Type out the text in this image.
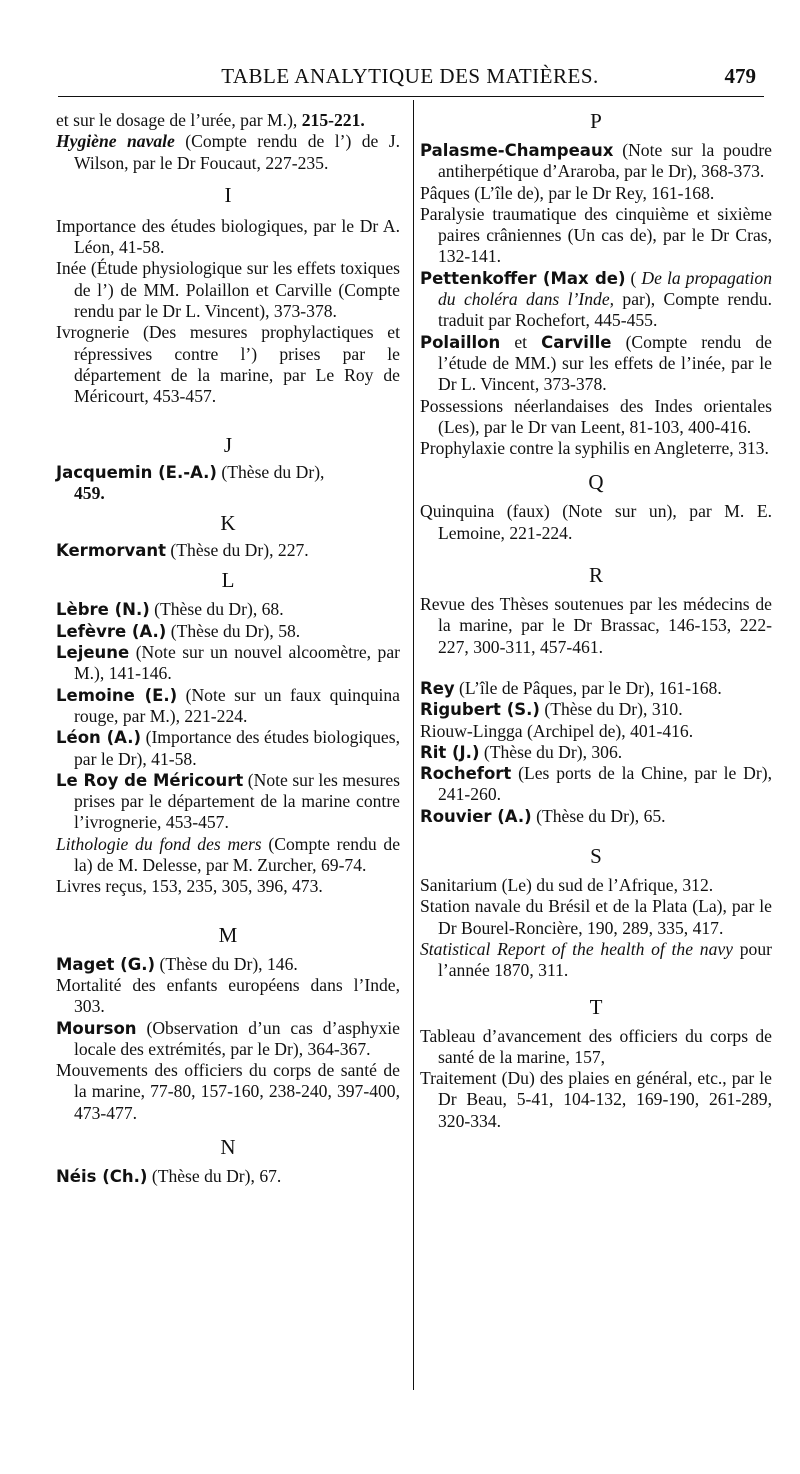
TABLE ANALYTIQUE DES MATIÈRES.	479
et sur le dosage de l’urée, par M.), 215-221.
Hygiène navale (Compte rendu de l’) de J. Wilson, par le Dr Foucaut, 227-235.
I
Importance des études biologiques, par le Dr A. Léon, 41-58.
Inée (Étude physiologique sur les effets toxiques de l’) de MM. Polaillon et Carville (Compte rendu par le Dr L. Vincent), 373-378.
Ivrognerie (Des mesures prophylactiques et répressives contre l’) prises par le département de la marine, par Le Roy de Méricourt, 453-457.
J
Jacquemin (E.-A.) (Thèse du Dr),
459.
K
Kermorvant (Thèse du Dr), 227.
L
Lèbre (N.) (Thèse du Dr), 68.
Lefèvre (A.) (Thèse du Dr), 58.
Lejeune (Note sur un nouvel alcoomètre, par M.), 141-146.
Lemoine (E.) (Note sur un faux quinquina rouge, par M.), 221-224.
Léon (A.) (Importance des études biologiques, par le Dr), 41-58.
Le Roy de Méricourt (Note sur les mesures prises par le département de la marine contre l’ivrognerie, 453-457.
Lithologie du fond des mers (Compte rendu de la) de M. Delesse, par M. Zurcher, 69-74.
Livres reçus, 153, 235, 305, 396, 473.
M
Maget (G.) (Thèse du Dr), 146.
Mortalité des enfants européens dans l’Inde, 303.
Mourson (Observation d’un cas d’asphyxie locale des extrémités, par le Dr), 364-367.
Mouvements des officiers du corps de santé de la marine, 77-80, 157-160, 238-240, 397-400, 473-477.
N
Néis (Ch.) (Thèse du Dr), 67.
P
Palasme-Champeaux (Note sur la poudre antiherpétique d’Araroba, par le Dr), 368-373.
Pâques (L’île de), par le Dr Rey, 161-168.
Paralysie traumatique des cinquième et sixième paires crâniennes (Un cas de), par le Dr Cras, 132-141.
Pettenkoffer (Max de) ( De la propagation du choléra dans l’Inde, par), Compte rendu. traduit par Rochefort, 445-455.
Polaillon et Carville (Compte rendu de l’étude de MM.) sur les effets de l’inée, par le Dr L. Vincent, 373-378.
Possessions néerlandaises des Indes orientales (Les), par le Dr van Leent, 81-103, 400-416.
Prophylaxie contre la syphilis en Angleterre, 313.
Q
Quinquina (faux) (Note sur un), par M. E. Lemoine, 221-224.
R
Revue des Thèses soutenues par les médecins de la marine, par le Dr Brassac, 146-153, 222-227, 300-311, 457-461.
Rey (L’île de Pâques, par le Dr), 161-168.
Rigubert (S.) (Thèse du Dr), 310.
Riouw-Lingga (Archipel de), 401-416.
Rit (J.) (Thèse du Dr), 306.
Rochefort (Les ports de la Chine, par le Dr), 241-260.
Rouvier (A.) (Thèse du Dr), 65.
S
Sanitarium (Le) du sud de l’Afrique, 312.
Station navale du Brésil et de la Plata (La), par le Dr Bourel-Roncière, 190, 289, 335, 417.
Statistical Report of the health of the navy pour l’année 1870, 311.
T
Tableau d’avancement des officiers du corps de santé de la marine, 157,
Traitement (Du) des plaies en général, etc., par le Dr Beau, 5-41, 104-132, 169-190, 261-289, 320-334.
